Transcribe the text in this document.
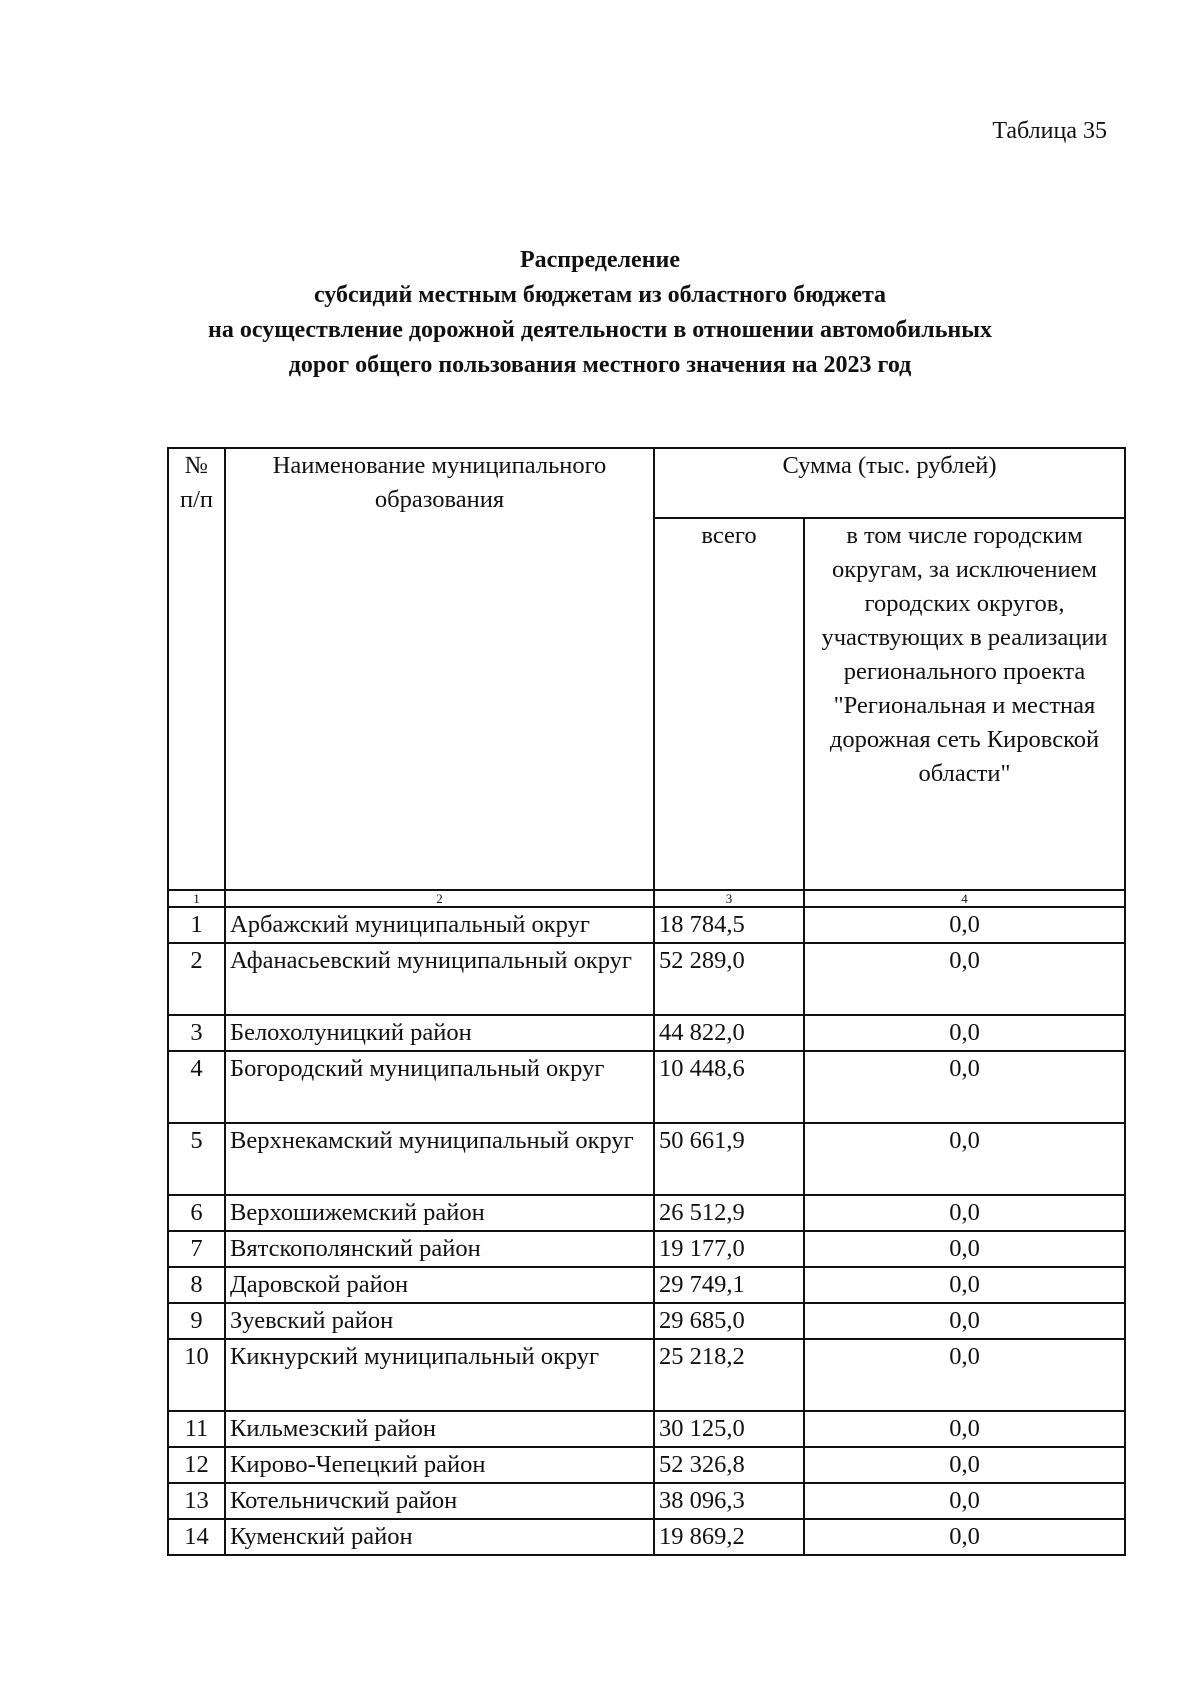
Таблица 35
Распределение
субсидий местным бюджетам из областного бюджета
на осуществление дорожной деятельности в отношении автомобильных
дорог общего пользования местного значения на 2023 год
№ п/п	Наименование муниципального образования	Сумма (тыс. рублей)	
		всего	в том числе городским округам, за исключением городских округов, участвующих в реализации регионального проекта "Региональная и местная дорожная сеть Кировской области"
1	2	3	4
1	Арбажский муниципальный округ	18 784,5	0,0
2	Афанасьевский муниципальный округ	52 289,0	0,0
3	Белохолуницкий район	44 822,0	0,0
4	Богородский муниципальный округ	10 448,6	0,0
5	Верхнекамский муниципальный округ	50 661,9	0,0
6	Верхошижемский район	26 512,9	0,0
7	Вятскополянский район	19 177,0	0,0
8	Даровской район	29 749,1	0,0
9	Зуевский район	29 685,0	0,0
10	Кикнурский муниципальный округ	25 218,2	0,0
11	Кильмезский район	30 125,0	0,0
12	Кирово-Чепецкий район	52 326,8	0,0
13	Котельничский район	38 096,3	0,0
14	Куменский район	19 869,2	0,0
